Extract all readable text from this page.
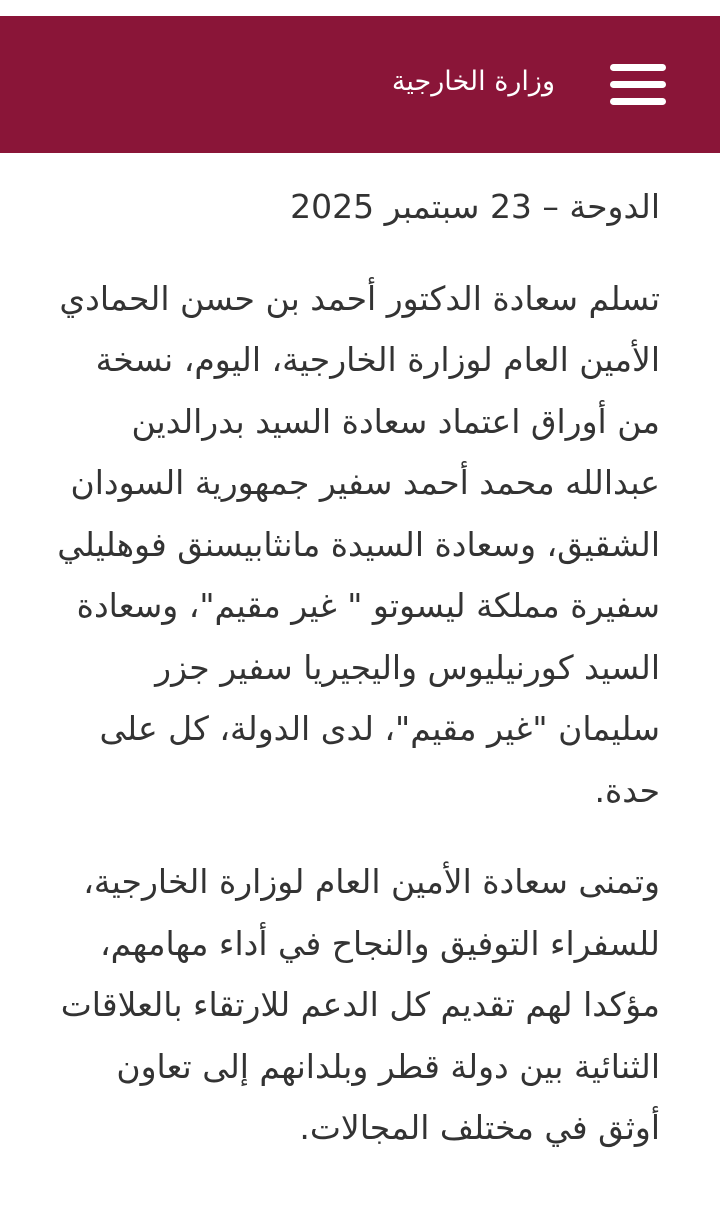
وزارة الخارجية

الدوحة – 23 سبتمبر 2025

تسلم سعادة الدكتور أحمد بن حسن الحمادي الأمين العام لوزارة الخارجية، اليوم، نسخة من أوراق اعتماد سعادة السيد بدرالدين عبدالله محمد أحمد سفير جمهورية السودان الشقيق، وسعادة السيدة مانثابيسنق فوهليلي سفيرة مملكة ليسوتو " غير مقيم"، وسعادة السيد كورنيليوس واليجيريا سفير جزر سليمان "غير مقيم"، لدى الدولة، كل على حدة.

وتمنى سعادة الأمين العام لوزارة الخارجية، للسفراء التوفيق والنجاح في أداء مهامهم، مؤكدا لهم تقديم كل الدعم للارتقاء بالعلاقات الثنائية بين دولة قطر وبلدانهم إلى تعاون أوثق في مختلف المجالات.
